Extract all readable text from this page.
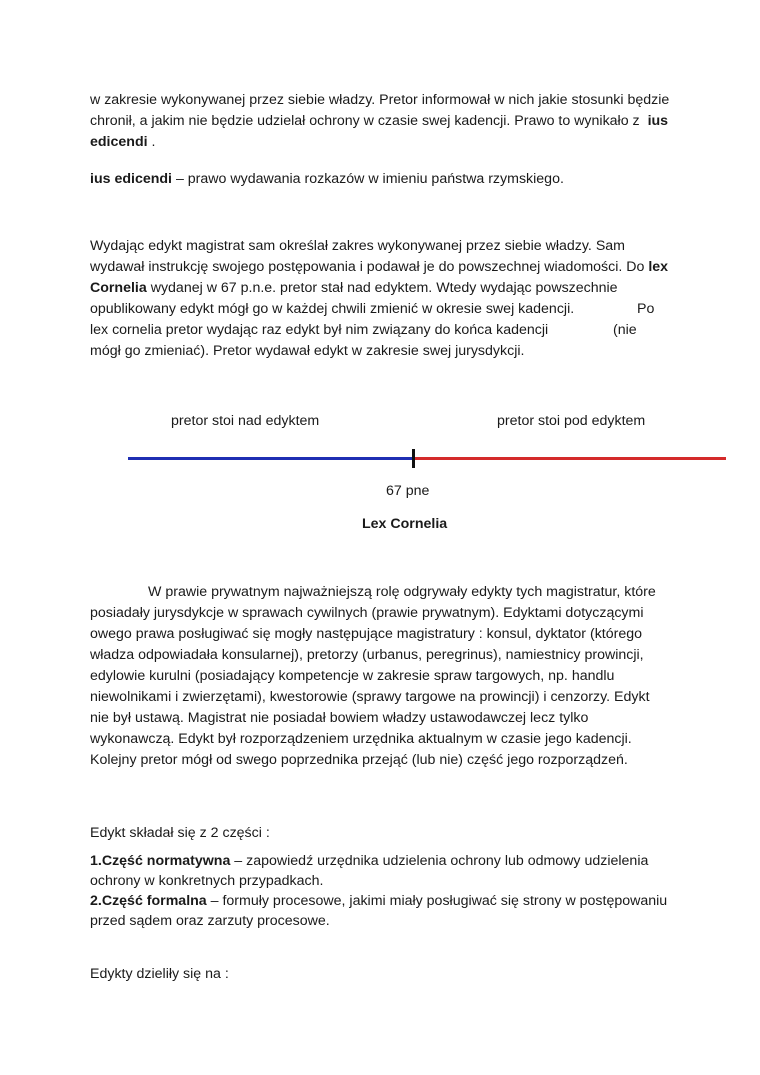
w zakresie wykonywanej przez siebie władzy. Pretor informował w nich jakie stosunki będzie
chronił, a jakim nie będzie udzielał ochrony w czasie swej kadencji. Prawo to wynikało z ius
edicendi .
ius edicendi – prawo wydawania rozkazów w imieniu państwa rzymskiego.
Wydając edykt magistrat sam określał zakres wykonywanej przez siebie władzy. Sam
wydawał instrukcję swojego postępowania i podawał je do powszechnej wiadomości. Do lex
Cornelia wydanej w 67 p.n.e. pretor stał nad edyktem. Wtedy wydając powszechnie
opublikowany edykt mógł go w każdej chwili zmienić w okresie swej kadencji.	Po
lex cornelia pretor wydając raz edykt był nim związany do końca kadencji	(nie
mógł go zmieniać). Pretor wydawał edykt w zakresie swej jurysdykcji.
pretor stoi nad edyktem	pretor stoi pod edyktem
67 pne
Lex Cornelia
W prawie prywatnym najważniejszą rolę odgrywały edykty tych magistratur, które
posiadały jurysdykcje w sprawach cywilnych (prawie prywatnym). Edyktami dotyczącymi
owego prawa posługiwać się mogły następujące magistratury : konsul, dyktator (którego
władza odpowiadała konsularnej), pretorzy (urbanus, peregrinus), namiestnicy prowincji,
edylowie kurulni (posiadający kompetencje w zakresie spraw targowych, np. handlu
niewolnikami i zwierzętami), kwestorowie (sprawy targowe na prowincji) i cenzorzy. Edykt
nie był ustawą. Magistrat nie posiadał bowiem władzy ustawodawczej lecz tylko
wykonawczą. Edykt był rozporządzeniem urzędnika aktualnym w czasie jego kadencji.
Kolejny pretor mógł od swego poprzednika przejąć (lub nie) część jego rozporządzeń.
Edykt składał się z 2 części :
1.Część normatywna – zapowiedź urzędnika udzielenia ochrony lub odmowy udzielenia
ochrony w konkretnych przypadkach.
2.Część formalna – formuły procesowe, jakimi miały posługiwać się strony w postępowaniu
przed sądem oraz zarzuty procesowe.
Edykty dzieliły się na :
